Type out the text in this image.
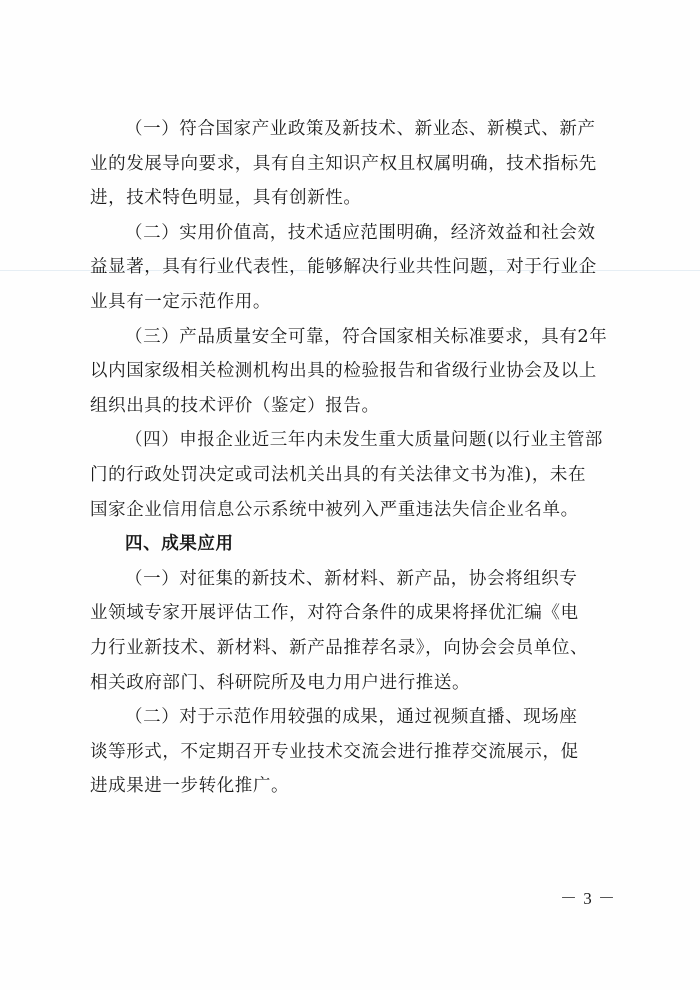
（一）符合国家产业政策及新技术、新业态、新模式、新产
业的发展导向要求，具有自主知识产权且权属明确，技术指标先
进，技术特色明显，具有创新性。

（二）实用价值高，技术适应范围明确，经济效益和社会效
益显著，具有行业代表性，能够解决行业共性问题，对于行业企
业具有一定示范作用。

（三）产品质量安全可靠，符合国家相关标准要求，具有2年
以内国家级相关检测机构出具的检验报告和省级行业协会及以上
组织出具的技术评价（鉴定）报告。

（四）申报企业近三年内未发生重大质量问题(以行业主管部
门的行政处罚决定或司法机关出具的有关法律文书为准)，未在
国家企业信用信息公示系统中被列入严重违法失信企业名单。

四、成果应用

（一）对征集的新技术、新材料、新产品，协会将组织专
业领域专家开展评估工作，对符合条件的成果将择优汇编《电
力行业新技术、新材料、新产品推荐名录》，向协会会员单位、
相关政府部门、科研院所及电力用户进行推送。

（二）对于示范作用较强的成果，通过视频直播、现场座
谈等形式，不定期召开专业技术交流会进行推荐交流展示，促
进成果进一步转化推广。

－ 3 －
